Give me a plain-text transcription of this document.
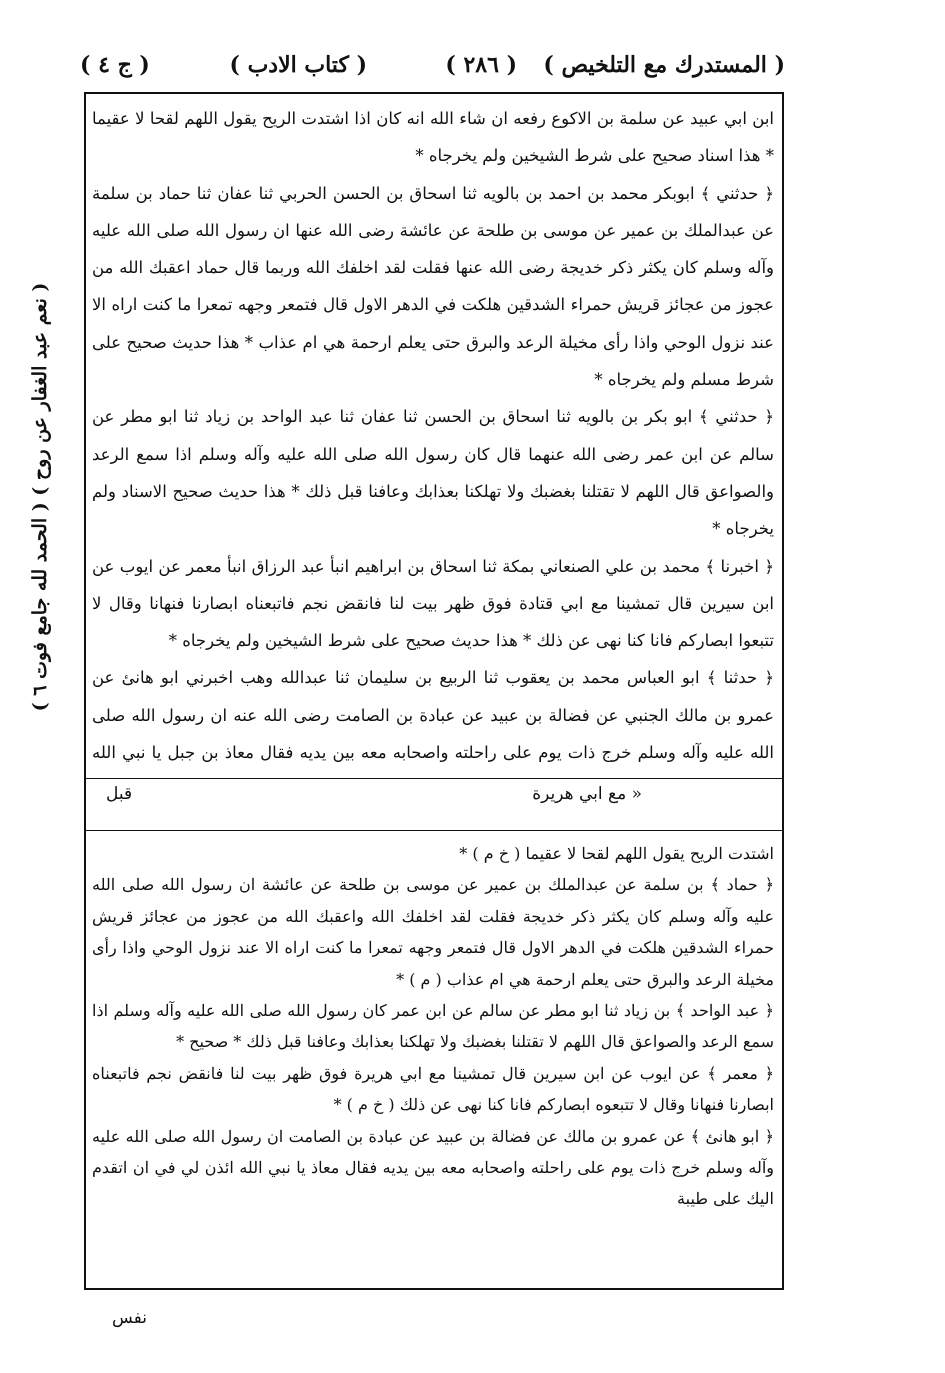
( المستدرك مع التلخيص )
( ٢٨٦ )
( كتاب الادب )
( ج ٤ )

ابن ابي عبيد عن سلمة بن الاكوع رفعه ان شاء الله انه كان اذا اشتدت الريح يقول اللهم لقحا لا عقيما * هذا اسناد صحيح على شرط الشيخين ولم يخرجاه *

﴿ حدثني ﴾ ابوبكر محمد بن احمد بن بالويه ثنا اسحاق بن الحسن الحربي ثنا عفان ثنا حماد بن سلمة عن عبدالملك بن عمير عن موسى بن طلحة عن عائشة رضى الله عنها ان رسول الله صلى الله عليه وآله وسلم كان يكثر ذكر خديجة رضى الله عنها فقلت لقد اخلفك الله وربما قال حماد اعقبك الله من عجوز من عجائز قريش حمراء الشدقين هلكت في الدهر الاول قال فتمعر وجهه تمعرا ما كنت اراه الا عند نزول الوحي واذا رأى مخيلة الرعد والبرق حتى يعلم ارحمة هي ام عذاب * هذا حديث صحيح على شرط مسلم ولم يخرجاه *

﴿ حدثني ﴾ ابو بكر بن بالويه ثنا اسحاق بن الحسن ثنا عفان ثنا عبد الواحد بن زياد ثنا ابو مطر عن سالم عن ابن عمر رضى الله عنهما قال كان رسول الله صلى الله عليه وآله وسلم اذا سمع الرعد والصواعق قال اللهم لا تقتلنا بغضبك ولا تهلكنا بعذابك وعافنا قبل ذلك * هذا حديث صحيح الاسناد ولم يخرجاه *

﴿ اخبرنا ﴾ محمد بن علي الصنعاني بمكة ثنا اسحاق بن ابراهيم انبأ عبد الرزاق انبأ معمر عن ايوب عن ابن سيرين قال تمشينا مع ابي قتادة فوق ظهر بيت لنا فانقض نجم فاتبعناه ابصارنا فنهانا وقال لا تتبعوا ابصاركم فانا كنا نهى عن ذلك * هذا حديث صحيح على شرط الشيخين ولم يخرجاه *

﴿ حدثنا ﴾ ابو العباس محمد بن يعقوب ثنا الربيع بن سليمان ثنا عبدالله وهب اخبرني ابو هانئ عن عمرو بن مالك الجنبي عن فضالة بن عبيد عن عبادة بن الصامت رضى الله عنه ان رسول الله صلى الله عليه وآله وسلم خرج ذات يوم على راحلته واصحابه معه بين يديه فقال معاذ بن جبل يا نبي الله

« مع ابي هريرة
قبل

اشتدت الريح يقول اللهم لقحا لا عقيما ( خ م ) *

﴿ حماد ﴾ بن سلمة عن عبدالملك بن عمير عن موسى بن طلحة عن عائشة ان رسول الله صلى الله عليه وآله وسلم كان يكثر ذكر خديجة فقلت لقد اخلفك الله واعقبك الله من عجوز من عجائز قريش حمراء الشدقين هلكت في الدهر الاول قال فتمعر وجهه تمعرا ما كنت اراه الا عند نزول الوحي واذا رأى مخيلة الرعد والبرق حتى يعلم ارحمة هي ام عذاب ( م ) *

﴿ عبد الواحد ﴾ بن زياد ثنا ابو مطر عن سالم عن ابن عمر كان رسول الله صلى الله عليه وآله وسلم اذا سمع الرعد والصواعق قال اللهم لا تقتلنا بغضبك ولا تهلكنا بعذابك وعافنا قبل ذلك * صحيح *

﴿ معمر ﴾ عن ايوب عن ابن سيرين قال تمشينا مع ابي هريرة فوق ظهر بيت لنا فانقض نجم فاتبعناه ابصارنا فنهانا وقال لا تتبعوه ابصاركم فانا كنا نهى عن ذلك ( خ م ) *

﴿ ابو هانئ ﴾ عن عمرو بن مالك عن فضالة بن عبيد عن عبادة بن الصامت ان رسول الله صلى الله عليه وآله وسلم خرج ذات يوم على راحلته واصحابه معه بين يديه فقال معاذ يا نبي الله ائذن لي في ان اتقدم اليك على طيبة

( نعم عبد الغفار عن روح ) ( الحمد لله جامع فوت ٦ )
نفس
